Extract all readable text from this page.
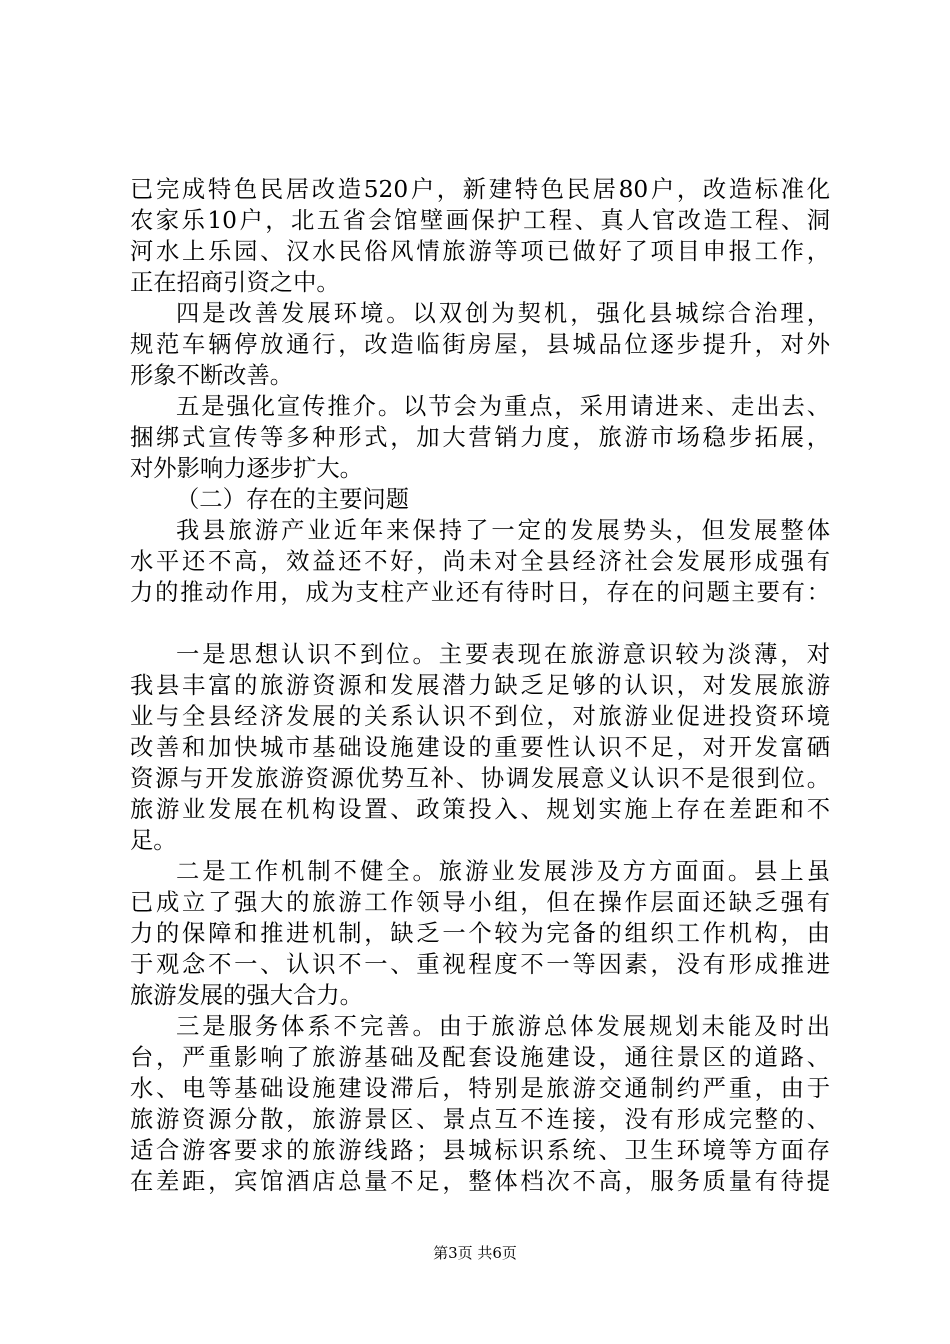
已完成特色民居改造520户，新建特色民居80户，改造标准化
农家乐10户，北五省会馆壁画保护工程、真人官改造工程、洞
河水上乐园、汉水民俗风情旅游等项已做好了项目申报工作，
正在招商引资之中。
四是改善发展环境。以双创为契机，强化县城综合治理，
规范车辆停放通行，改造临街房屋，县城品位逐步提升，对外
形象不断改善。
五是强化宣传推介。以节会为重点，采用请进来、走出去、
捆绑式宣传等多种形式，加大营销力度，旅游市场稳步拓展，
对外影响力逐步扩大。
（二）存在的主要问题
我县旅游产业近年来保持了一定的发展势头，但发展整体
水平还不高，效益还不好，尚未对全县经济社会发展形成强有
力的推动作用，成为支柱产业还有待时日，存在的问题主要有：
一是思想认识不到位。主要表现在旅游意识较为淡薄，对
我县丰富的旅游资源和发展潜力缺乏足够的认识，对发展旅游
业与全县经济发展的关系认识不到位，对旅游业促进投资环境
改善和加快城市基础设施建设的重要性认识不足，对开发富硒
资源与开发旅游资源优势互补、协调发展意义认识不是很到位。
旅游业发展在机构设置、政策投入、规划实施上存在差距和不
足。
二是工作机制不健全。旅游业发展涉及方方面面。县上虽
已成立了强大的旅游工作领导小组，但在操作层面还缺乏强有
力的保障和推进机制，缺乏一个较为完备的组织工作机构，由
于观念不一、认识不一、重视程度不一等因素，没有形成推进
旅游发展的强大合力。
三是服务体系不完善。由于旅游总体发展规划未能及时出
台，严重影响了旅游基础及配套设施建设，通往景区的道路、
水、电等基础设施建设滞后，特别是旅游交通制约严重，由于
旅游资源分散，旅游景区、景点互不连接，没有形成完整的、
适合游客要求的旅游线路；县城标识系统、卫生环境等方面存
在差距，宾馆酒店总量不足，整体档次不高，服务质量有待提
第3页 共6页
